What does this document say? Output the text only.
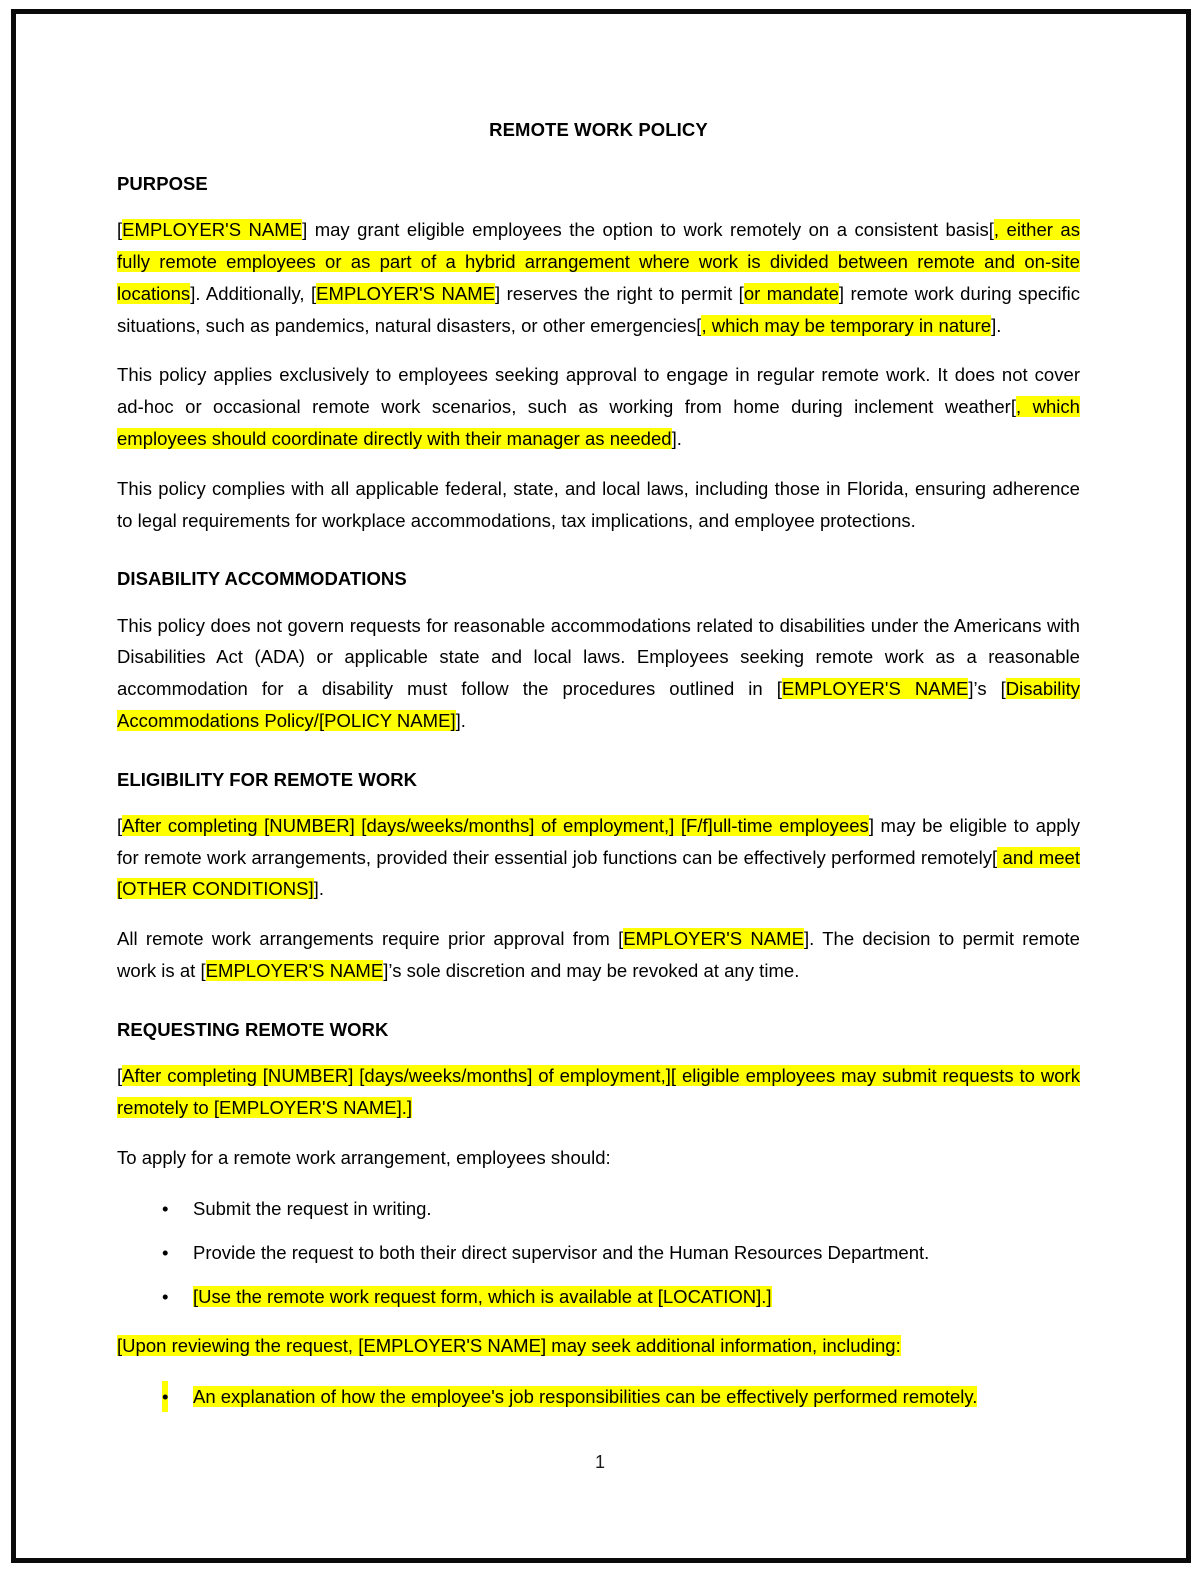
REMOTE WORK POLICY
PURPOSE

[EMPLOYER'S NAME] may grant eligible employees the option to work remotely on a consistent basis[, either as fully remote employees or as part of a hybrid arrangement where work is divided between remote and on-site locations]. Additionally, [EMPLOYER'S NAME] reserves the right to permit [or mandate] remote work during specific situations, such as pandemics, natural disasters, or other emergencies[, which may be temporary in nature].

This policy applies exclusively to employees seeking approval to engage in regular remote work. It does not cover ad-hoc or occasional remote work scenarios, such as working from home during inclement weather[, which employees should coordinate directly with their manager as needed].

This policy complies with all applicable federal, state, and local laws, including those in Florida, ensuring adherence to legal requirements for workplace accommodations, tax implications, and employee protections.

DISABILITY ACCOMMODATIONS

This policy does not govern requests for reasonable accommodations related to disabilities under the Americans with Disabilities Act (ADA) or applicable state and local laws. Employees seeking remote work as a reasonable accommodation for a disability must follow the procedures outlined in [EMPLOYER'S NAME]’s [Disability Accommodations Policy/[POLICY NAME]].

ELIGIBILITY FOR REMOTE WORK

[After completing [NUMBER] [days/weeks/months] of employment,] [F/f]ull-time employees] may be eligible to apply for remote work arrangements, provided their essential job functions can be effectively performed remotely[ and meet [OTHER CONDITIONS]].

All remote work arrangements require prior approval from [EMPLOYER'S NAME]. The decision to permit remote work is at [EMPLOYER'S NAME]’s sole discretion and may be revoked at any time.

REQUESTING REMOTE WORK

[After completing [NUMBER] [days/weeks/months] of employment,][ eligible employees may submit requests to work remotely to [EMPLOYER'S NAME].]

To apply for a remote work arrangement, employees should:

• Submit the request in writing.
• Provide the request to both their direct supervisor and the Human Resources Department.
• [Use the remote work request form, which is available at [LOCATION].]

[Upon reviewing the request, [EMPLOYER'S NAME] may seek additional information, including:

• An explanation of how the employee's job responsibilities can be effectively performed remotely.
1
